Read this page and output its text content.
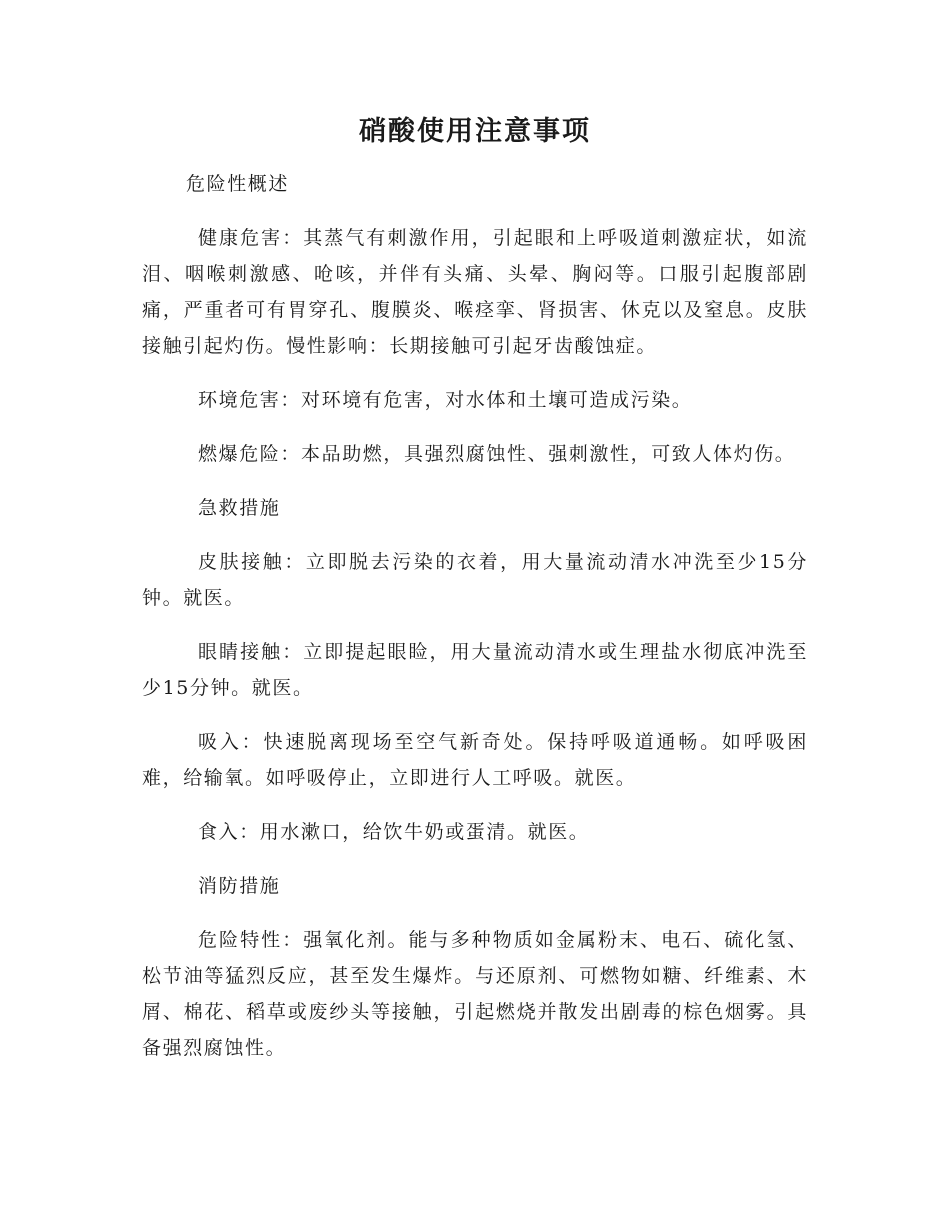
硝酸使用注意事项

危险性概述

健康危害：其蒸气有刺激作用，引起眼和上呼吸道刺激症状，如流泪、咽喉刺激感、呛咳，并伴有头痛、头晕、胸闷等。口服引起腹部剧痛，严重者可有胃穿孔、腹膜炎、喉痉挛、肾损害、休克以及窒息。皮肤接触引起灼伤。慢性影响：长期接触可引起牙齿酸蚀症。

环境危害：对环境有危害，对水体和土壤可造成污染。

燃爆危险：本品助燃，具强烈腐蚀性、强刺激性，可致人体灼伤。

急救措施

皮肤接触：立即脱去污染的衣着，用大量流动清水冲洗至少15分钟。就医。

眼睛接触：立即提起眼睑，用大量流动清水或生理盐水彻底冲洗至少15分钟。就医。

吸入：快速脱离现场至空气新奇处。保持呼吸道通畅。如呼吸困难，给输氧。如呼吸停止，立即进行人工呼吸。就医。

食入：用水漱口，给饮牛奶或蛋清。就医。

消防措施

危险特性：强氧化剂。能与多种物质如金属粉末、电石、硫化氢、松节油等猛烈反应，甚至发生爆炸。与还原剂、可燃物如糖、纤维素、木屑、棉花、稻草或废纱头等接触，引起燃烧并散发出剧毒的棕色烟雾。具备强烈腐蚀性。
